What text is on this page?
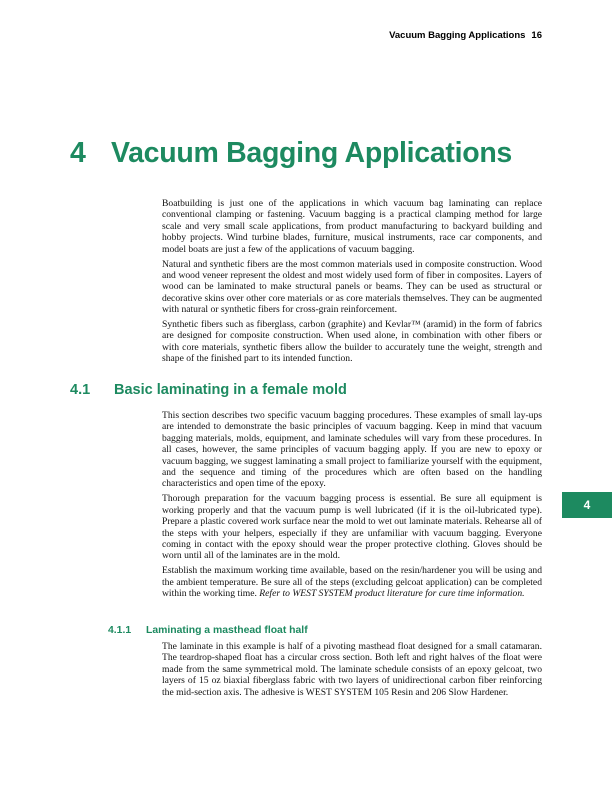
Vacuum Bagging Applications 16
4 Vacuum Bagging Applications

Boatbuilding is just one of the applications in which vacuum bag laminating can replace conventional clamping or fastening. Vacuum bagging is a practical clamping method for large scale and very small scale applications, from product manufacturing to backyard building and hobby projects. Wind turbine blades, furniture, musical instruments, race car components, and model boats are just a few of the applications of vacuum bagging.

Natural and synthetic fibers are the most common materials used in composite construction. Wood and wood veneer represent the oldest and most widely used form of fiber in composites. Layers of wood can be laminated to make structural panels or beams. They can be used as structural or decorative skins over other core materials or as core materials themselves. They can be augmented with natural or synthetic fibers for cross-grain reinforcement.

Synthetic fibers such as fiberglass, carbon (graphite) and Kevlar™ (aramid) in the form of fabrics are designed for composite construction. When used alone, in combination with other fibers or with core materials, synthetic fibers allow the builder to accurately tune the weight, strength and shape of the finished part to its intended function.

4.1 Basic laminating in a female mold

This section describes two specific vacuum bagging procedures. These examples of small lay-ups are intended to demonstrate the basic principles of vacuum bagging. Keep in mind that vacuum bagging materials, molds, equipment, and laminate schedules will vary from these procedures. In all cases, however, the same principles of vacuum bagging apply. If you are new to epoxy or vacuum bagging, we suggest laminating a small project to familiarize yourself with the equipment, and the sequence and timing of the procedures which are often based on the handling characteristics and open time of the epoxy.

Thorough preparation for the vacuum bagging process is essential. Be sure all equipment is working properly and that the vacuum pump is well lubricated (if it is the oil-lubricated type). Prepare a plastic covered work surface near the mold to wet out laminate materials. Rehearse all of the steps with your helpers, especially if they are unfamiliar with vacuum bagging. Everyone coming in contact with the epoxy should wear the proper protective clothing. Gloves should be worn until all of the laminates are in the mold.

Establish the maximum working time available, based on the resin/hardener you will be using and the ambient temperature. Be sure all of the steps (excluding gelcoat application) can be completed within the working time. Refer to WEST SYSTEM product literature for cure time information.

4.1.1 Laminating a masthead float half

The laminate in this example is half of a pivoting masthead float designed for a small catamaran. The teardrop-shaped float has a circular cross section. Both left and right halves of the float were made from the same symmetrical mold. The laminate schedule consists of an epoxy gelcoat, two layers of 15 oz biaxial fiberglass fabric with two layers of unidirectional carbon fiber reinforcing the mid-section axis. The adhesive is WEST SYSTEM 105 Resin and 206 Slow Hardener.

4
